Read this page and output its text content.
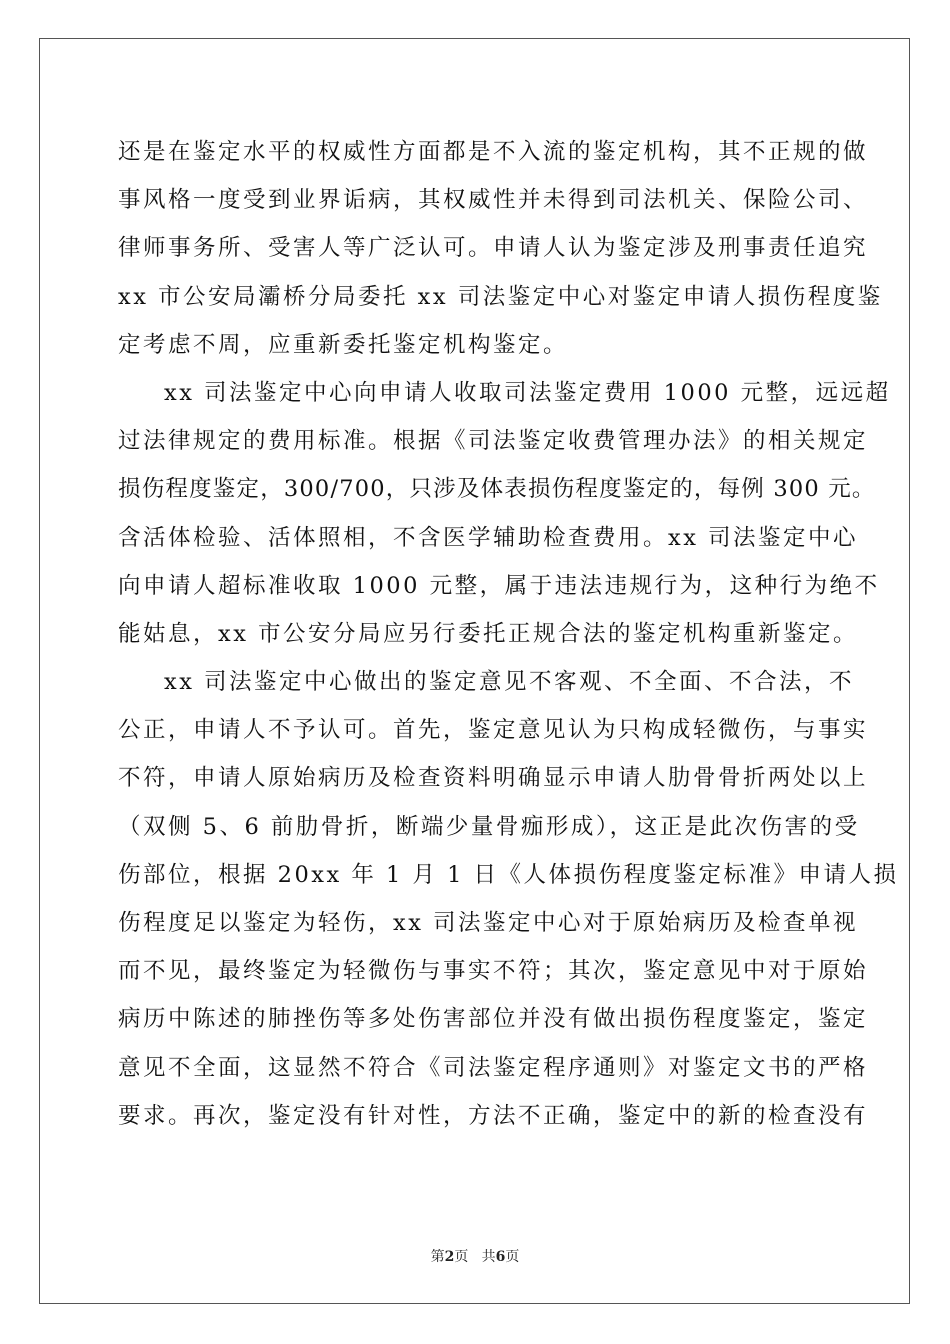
还是在鉴定水平的权威性方面都是不入流的鉴定机构，其不正规的做
事风格一度受到业界诟病，其权威性并未得到司法机关、保险公司、
律师事务所、受害人等广泛认可。申请人认为鉴定涉及刑事责任追究
xx 市公安局灞桥分局委托 xx 司法鉴定中心对鉴定申请人损伤程度鉴
定考虑不周，应重新委托鉴定机构鉴定。
xx 司法鉴定中心向申请人收取司法鉴定费用 1000 元整，远远超
过法律规定的费用标准。根据《司法鉴定收费管理办法》的相关规定
损伤程度鉴定，300/700，只涉及体表损伤程度鉴定的，每例 300 元。
含活体检验、活体照相，不含医学辅助检查费用。xx 司法鉴定中心
向申请人超标准收取 1000 元整，属于违法违规行为，这种行为绝不
能姑息，xx 市公安分局应另行委托正规合法的鉴定机构重新鉴定。
xx 司法鉴定中心做出的鉴定意见不客观、不全面、不合法，不
公正，申请人不予认可。首先，鉴定意见认为只构成轻微伤，与事实
不符，申请人原始病历及检查资料明确显示申请人肋骨骨折两处以上
（双侧 5、6 前肋骨折，断端少量骨痂形成），这正是此次伤害的受
伤部位，根据 20xx 年 1 月 1 日《人体损伤程度鉴定标准》申请人损
伤程度足以鉴定为轻伤，xx 司法鉴定中心对于原始病历及检查单视
而不见，最终鉴定为轻微伤与事实不符；其次，鉴定意见中对于原始
病历中陈述的肺挫伤等多处伤害部位并没有做出损伤程度鉴定，鉴定
意见不全面，这显然不符合《司法鉴定程序通则》对鉴定文书的严格
要求。再次，鉴定没有针对性，方法不正确，鉴定中的新的检查没有
第2页 共6页
